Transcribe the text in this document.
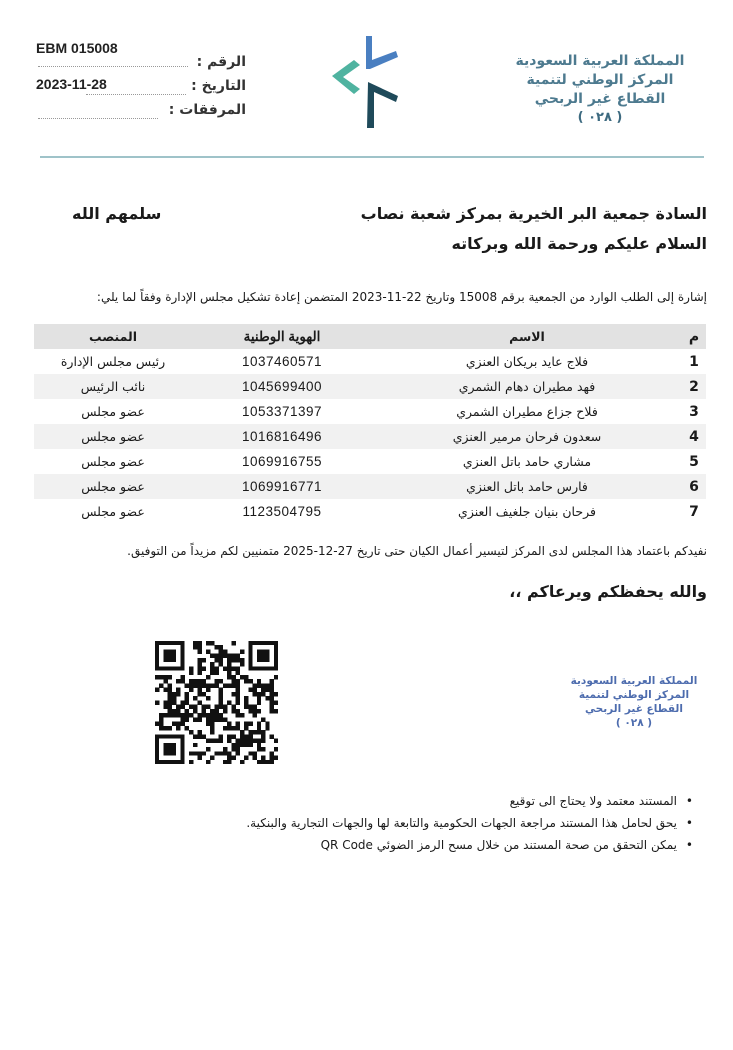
EBM 015008
الرقم :
2023-11-28	التاريخ :
المرفقات :
المملكة العربية السعودية
المركز الوطني لتنمية
القطاع غير الربحي
( ٠٢٨ )
السادة جمعية البر الخيرية بمركز شعبة نصاب
سلمهم الله
السلام عليكم ورحمة الله وبركاته
إشارة إلى الطلب الوارد من الجمعية برقم 15008 وتاريخ 22-11-2023 المتضمن إعادة تشكيل مجلس الإدارة وفقاً لما يلي:
م	الاسم	الهوية الوطنية	المنصب
1	فلاج عايد بريكان العنزي	1037460571	رئيس مجلس الإدارة
2	فهد مطيران دهام الشمري	1045699400	نائب الرئيس
3	فلاح جزاع مطيران الشمري	1053371397	عضو مجلس
4	سعدون فرحان مرمير العنزي	1016816496	عضو مجلس
5	مشاري حامد باتل العنزي	1069916755	عضو مجلس
6	فارس حامد باتل العنزي	1069916771	عضو مجلس
7	فرحان بنيان جلغيف العنزي	1123504795	عضو مجلس
نفيدكم باعتماد هذا المجلس لدى المركز لتيسير أعمال الكيان حتى تاريخ 27-12-2025 متمنيين لكم مزيداً من التوفيق.
والله يحفظكم ويرعاكم ،،
المملكة العربية السعودية
المركز الوطني لتنمية
القطاع غير الربحي
( ٠٢٨ )
• المستند معتمد ولا يحتاج الى توقيع
• يحق لحامل هذا المستند مراجعة الجهات الحكومية والتابعة لها والجهات التجارية والبنكية.
• يمكن التحقق من صحة المستند من خلال مسح الرمز الضوئي QR Code
